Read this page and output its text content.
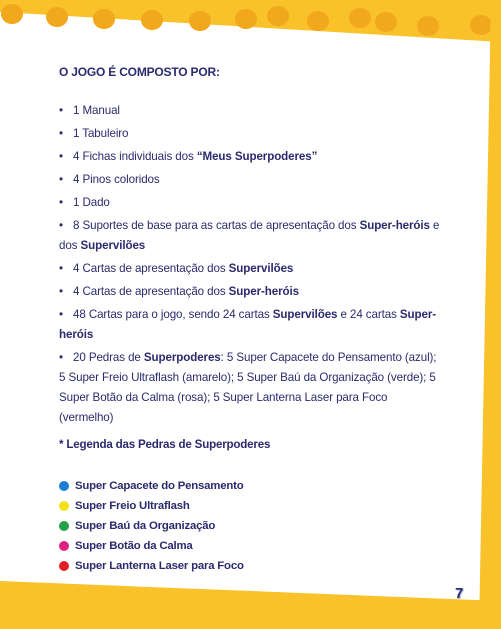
O JOGO É COMPOSTO POR:
• 1 Manual
• 1 Tabuleiro
• 4 Fichas individuais dos “Meus Superpoderes”
• 4 Pinos coloridos
• 1 Dado
• 8 Suportes de base para as cartas de apresentação dos Super-heróis e dos Supervilões
• 4 Cartas de apresentação dos Supervilões
• 4 Cartas de apresentação dos Super-heróis
• 48 Cartas para o jogo, sendo 24 cartas Supervilões e 24 cartas Super-heróis
• 20 Pedras de Superpoderes: 5 Super Capacete do Pensamento (azul); 5 Super Freio Ultraflash (amarelo); 5 Super Baú da Organização (verde); 5 Super Botão da Calma (rosa); 5 Super Lanterna Laser para Foco (vermelho)
* Legenda das Pedras de Superpoderes
Super Capacete do Pensamento
Super Freio Ultraflash
Super Baú da Organização
Super Botão da Calma
Super Lanterna Laser para Foco
7
